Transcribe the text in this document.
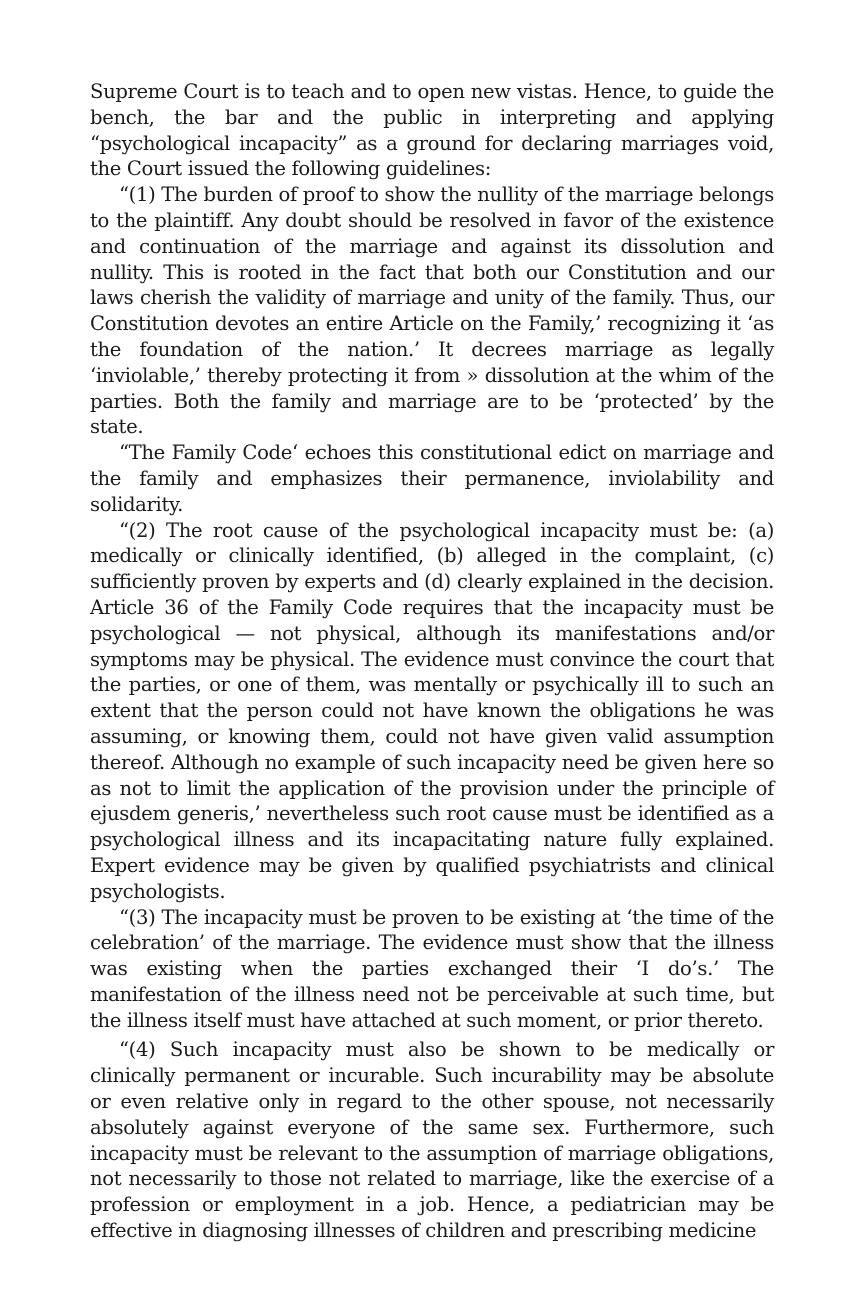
Supreme Court is to teach and to open new vistas. Hence, to guide the bench, the bar and the public in interpreting and applying “psychological incapacity” as a ground for declaring marriages void, the Court issued the following guidelines:

“(1) The burden of proof to show the nullity of the marriage belongs to the plaintiff. Any doubt should be resolved in favor of the existence and continuation of the marriage and against its dissolution and nullity. This is rooted in the fact that both our Constitution and our laws cherish the validity of marriage and unity of the family. Thus, our Constitution devotes an entire Article on the Family,’ recognizing it ‘as the foundation of the nation.’ It decrees marriage as legally ‘inviolable,’ thereby protecting it from » dissolution at the whim of the parties. Both the family and marriage are to be ‘protected’ by the state.

“The Family Code‘ echoes this constitutional edict on marriage and the family and emphasizes their permanence, inviolability and solidarity.

“(2) The root cause of the psychological incapacity must be: (a) medically or clinically identified, (b) alleged in the complaint, (c) sufficiently proven by experts and (d) clearly explained in the decision. Article 36 of the Family Code requires that the incapacity must be psychological — not physical, although its manifestations and/or symptoms may be physical. The evidence must convince the court that the parties, or one of them, was mentally or psychically ill to such an extent that the person could not have known the obligations he was assuming, or knowing them, could not have given valid assumption thereof. Although no example of such incapacity need be given here so as not to limit the application of the provision under the principle of ejusdem generis,’ nevertheless such root cause must be identified as a psychological illness and its incapacitating nature fully explained. Expert evidence may be given by qualified psychiatrists and clinical psychologists.

“(3) The incapacity must be proven to be existing at ‘the time of the celebration’ of the marriage. The evidence must show that the illness was existing when the parties exchanged their ‘I do’s.’ The manifestation of the illness need not be perceivable at such time, but the illness itself must have attached at such moment, or prior thereto.

“(4) Such incapacity must also be shown to be medically or clinically permanent or incurable. Such incurability may be absolute or even relative only in regard to the other spouse, not necessarily absolutely against everyone of the same sex. Furthermore, such incapacity must be relevant to the assumption of marriage obligations, not necessarily to those not related to marriage, like the exercise of a profession or employment in a job. Hence, a pediatrician may be effective in diagnosing illnesses of children and prescribing medicine
